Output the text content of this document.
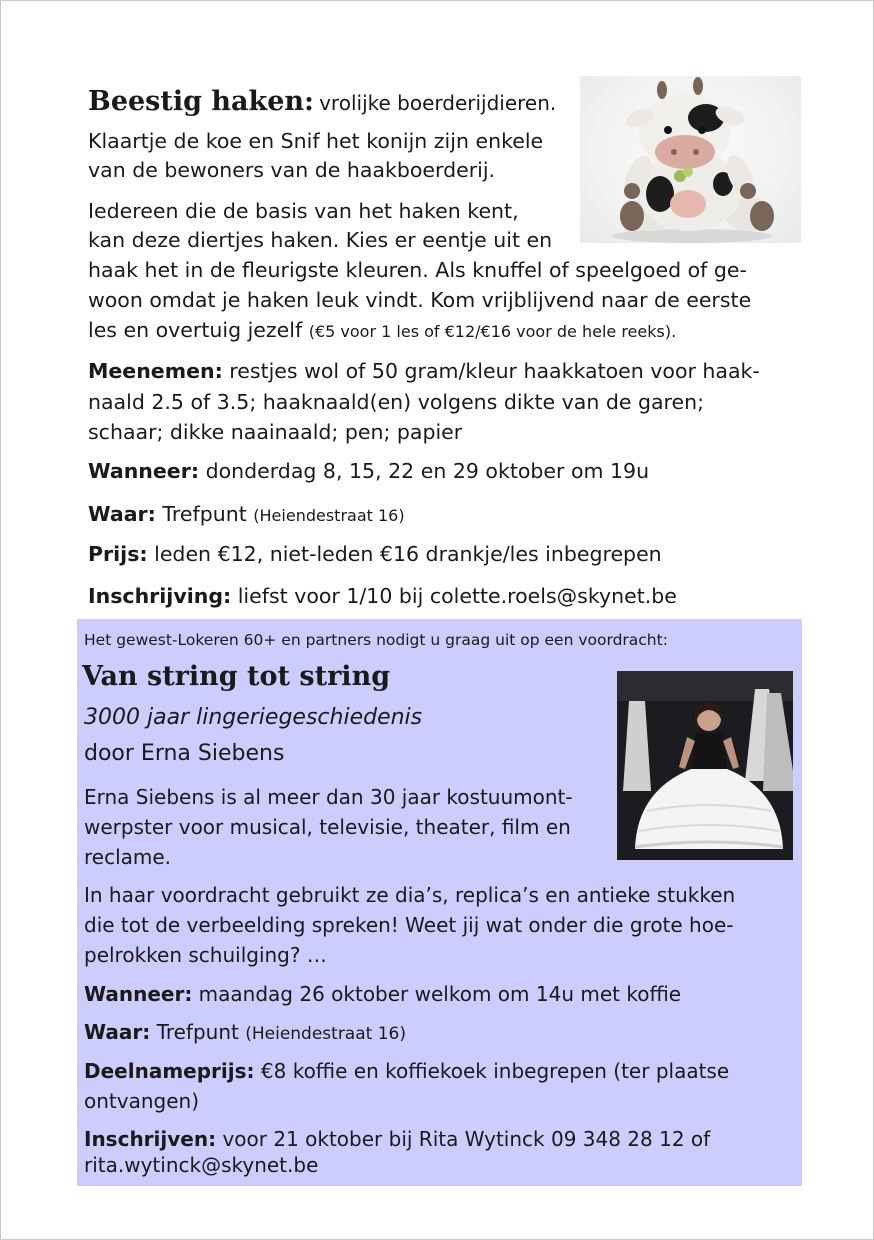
Beestig haken: vrolijke boerderijdieren.
Klaartje de koe en Snif het konijn zijn enkele
van de bewoners van de haakboerderij.
Iedereen die de basis van het haken kent,
kan deze diertjes haken. Kies er eentje uit en
haak het in de fleurigste kleuren. Als knuffel of speelgoed of ge-
woon omdat je haken leuk vindt. Kom vrijblijvend naar de eerste
les en overtuig jezelf (€5 voor 1 les of €12/€16 voor de hele reeks).
Meenemen: restjes wol of 50 gram/kleur haakkatoen voor haak-
naald 2.5 of 3.5; haaknaald(en) volgens dikte van de garen;
schaar; dikke naainaald; pen; papier
Wanneer: donderdag 8, 15, 22 en 29 oktober om 19u
Waar: Trefpunt (Heiendestraat 16)
Prijs: leden €12, niet-leden €16 drankje/les inbegrepen
Inschrijving: liefst voor 1/10 bij colette.roels@skynet.be
Het gewest-Lokeren 60+ en partners nodigt u graag uit op een voordracht:
Van string tot string
3000 jaar lingeriegeschiedenis
door Erna Siebens
Erna Siebens is al meer dan 30 jaar kostuumont-
werpster voor musical, televisie, theater, film en
reclame.
In haar voordracht gebruikt ze dia’s, replica’s en antieke stukken
die tot de verbeelding spreken! Weet jij wat onder die grote hoe-
pelrokken schuilging? …
Wanneer: maandag 26 oktober welkom om 14u met koffie
Waar: Trefpunt (Heiendestraat 16)
Deelnameprijs: €8 koffie en koffiekoek inbegrepen (ter plaatse
ontvangen)
Inschrijven: voor 21 oktober bij Rita Wytinck 09 348 28 12 of
rita.wytinck@skynet.be
